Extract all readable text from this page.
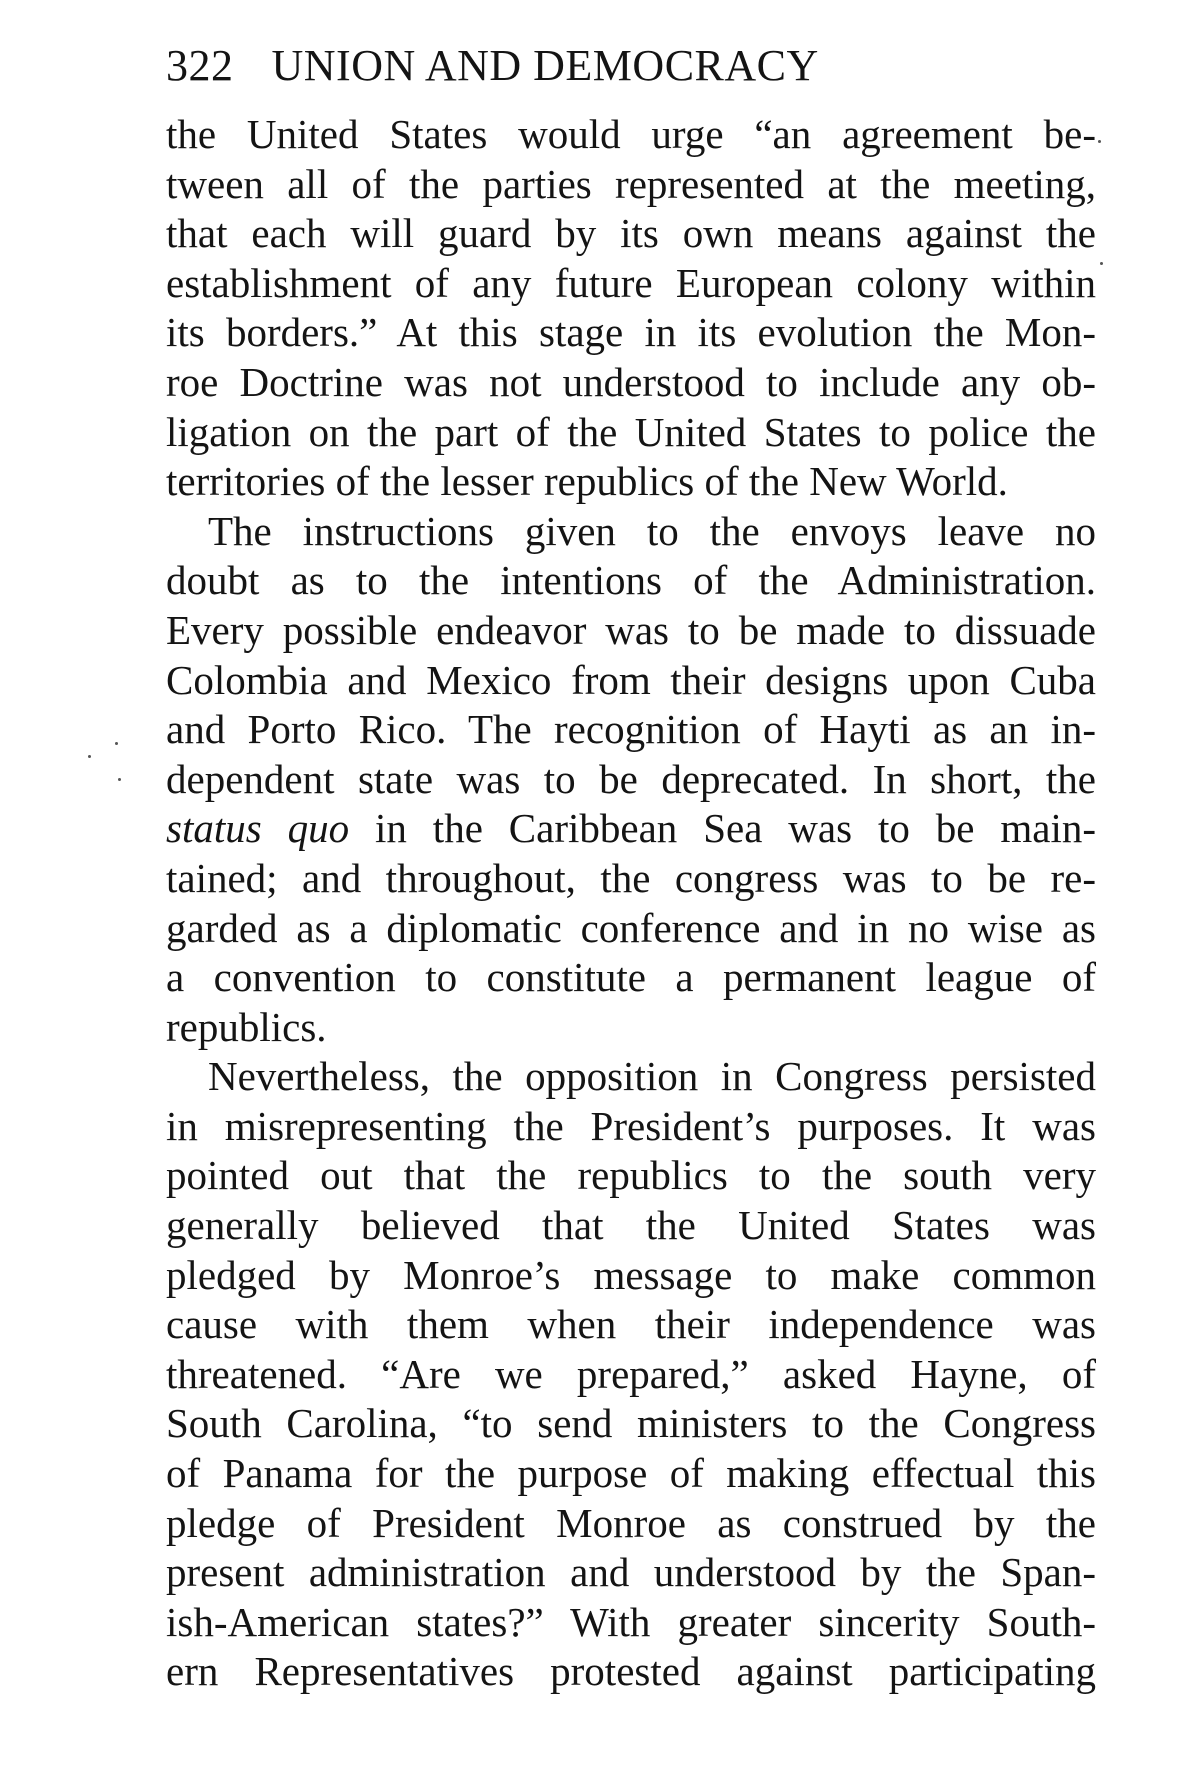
322 UNION AND DEMOCRACY
the United States would urge “an agreement be-
tween all of the parties represented at the meeting,
that each will guard by its own means against the
establishment of any future European colony within
its borders.” At this stage in its evolution the Mon-
roe Doctrine was not understood to include any ob-
ligation on the part of the United States to police the
territories of the lesser republics of the New World.
The instructions given to the envoys leave no
doubt as to the intentions of the Administration.
Every possible endeavor was to be made to dissuade
Colombia and Mexico from their designs upon Cuba
and Porto Rico. The recognition of Hayti as an in-
dependent state was to be deprecated. In short, the
status quo in the Caribbean Sea was to be main-
tained; and throughout, the congress was to be re-
garded as a diplomatic conference and in no wise as
a convention to constitute a permanent league of
republics.
Nevertheless, the opposition in Congress persisted
in misrepresenting the President’s purposes. It was
pointed out that the republics to the south very
generally believed that the United States was
pledged by Monroe’s message to make common
cause with them when their independence was
threatened. “Are we prepared,” asked Hayne, of
South Carolina, “to send ministers to the Congress
of Panama for the purpose of making effectual this
pledge of President Monroe as construed by the
present administration and understood by the Span-
ish-American states?” With greater sincerity South-
ern Representatives protested against participating
